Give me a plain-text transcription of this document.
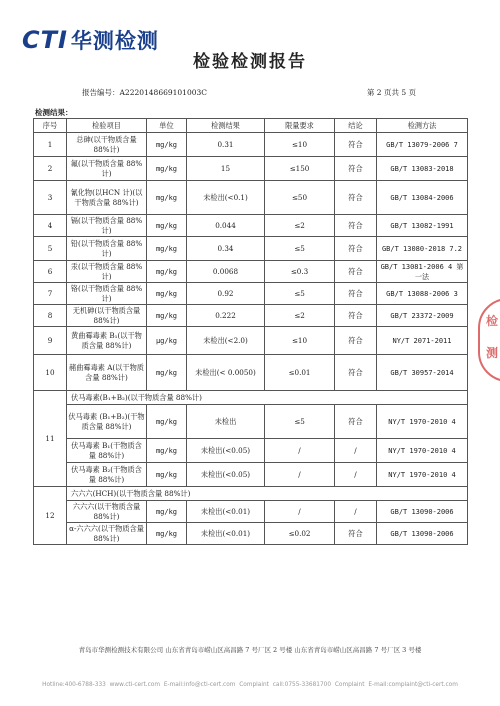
CTI 华测检测
检验检测报告
报告编号：A2220148669101003C	第 2 页共 5 页
检测结果：
序号	检验项目	单位	检测结果	限量要求	结论	检测方法
1	总砷(以干物质含量 88%计)	mg/kg	0.31	≤10	符合	GB/T 13079-2006 7
2	氟(以干物质含量 88%计)	mg/kg	15	≤150	符合	GB/T 13083-2018
3	氰化物(以HCN 计)(以干物质含量 88%计)	mg/kg	未检出(<0.1)	≤50	符合	GB/T 13084-2006
4	镉(以干物质含量 88%计)	mg/kg	0.044	≤2	符合	GB/T 13082-1991
5	铅(以干物质含量 88%计)	mg/kg	0.34	≤5	符合	GB/T 13080-2018 7.2
6	汞(以干物质含量 88%计)	mg/kg	0.0068	≤0.3	符合	GB/T 13081-2006 4 第一法
7	铬(以干物质含量 88%计)	mg/kg	0.92	≤5	符合	GB/T 13088-2006 3
8	无机砷(以干物质含量 88%计)	mg/kg	0.222	≤2	符合	GB/T 23372-2009
9	黄曲霉毒素 B₁(以干物质含量 88%计)	μg/kg	未检出(<2.0)	≤10	符合	NY/T 2071-2011
10	赭曲霉毒素 A(以干物质含量 88%计)	mg/kg	未检出(< 0.0050)	≤0.01	符合	GB/T 30957-2014
11	伏马毒素(B₁+B₂)(以干物质含量 88%计)					
	伏马毒素 (B₁+B₂)(干物质含量 88%计)	mg/kg	未检出	≤5	符合	NY/T 1970-2010 4
	伏马毒素 B₁(干物质含量 88%计)	mg/kg	未检出(<0.05)	/	/	NY/T 1970-2010 4
	伏马毒素 B₂(干物质含量 88%计)	mg/kg	未检出(<0.05)	/	/	NY/T 1970-2010 4
12	六六六(HCH)(以干物质含量 88%计)					
	六六六(以干物质含量 88%计)	mg/kg	未检出(<0.01)	/	/	GB/T 13090-2006
	α-六六六(以干物质含量 88%计)	mg/kg	未检出(<0.01)	≤0.02	符合	GB/T 13090-2006
检
测
青岛市华测检测技术有限公司 山东省青岛市崂山区高昌路 7 号厂区 2 号楼 山东省青岛市崂山区高昌路 7 号厂区 3 号楼
Hotline:400-6788-333 www.cti-cert.com E-mail:info@cti-cert.com Complaint call:0755-33681700 Complaint E-mail:complaint@cti-cert.com
